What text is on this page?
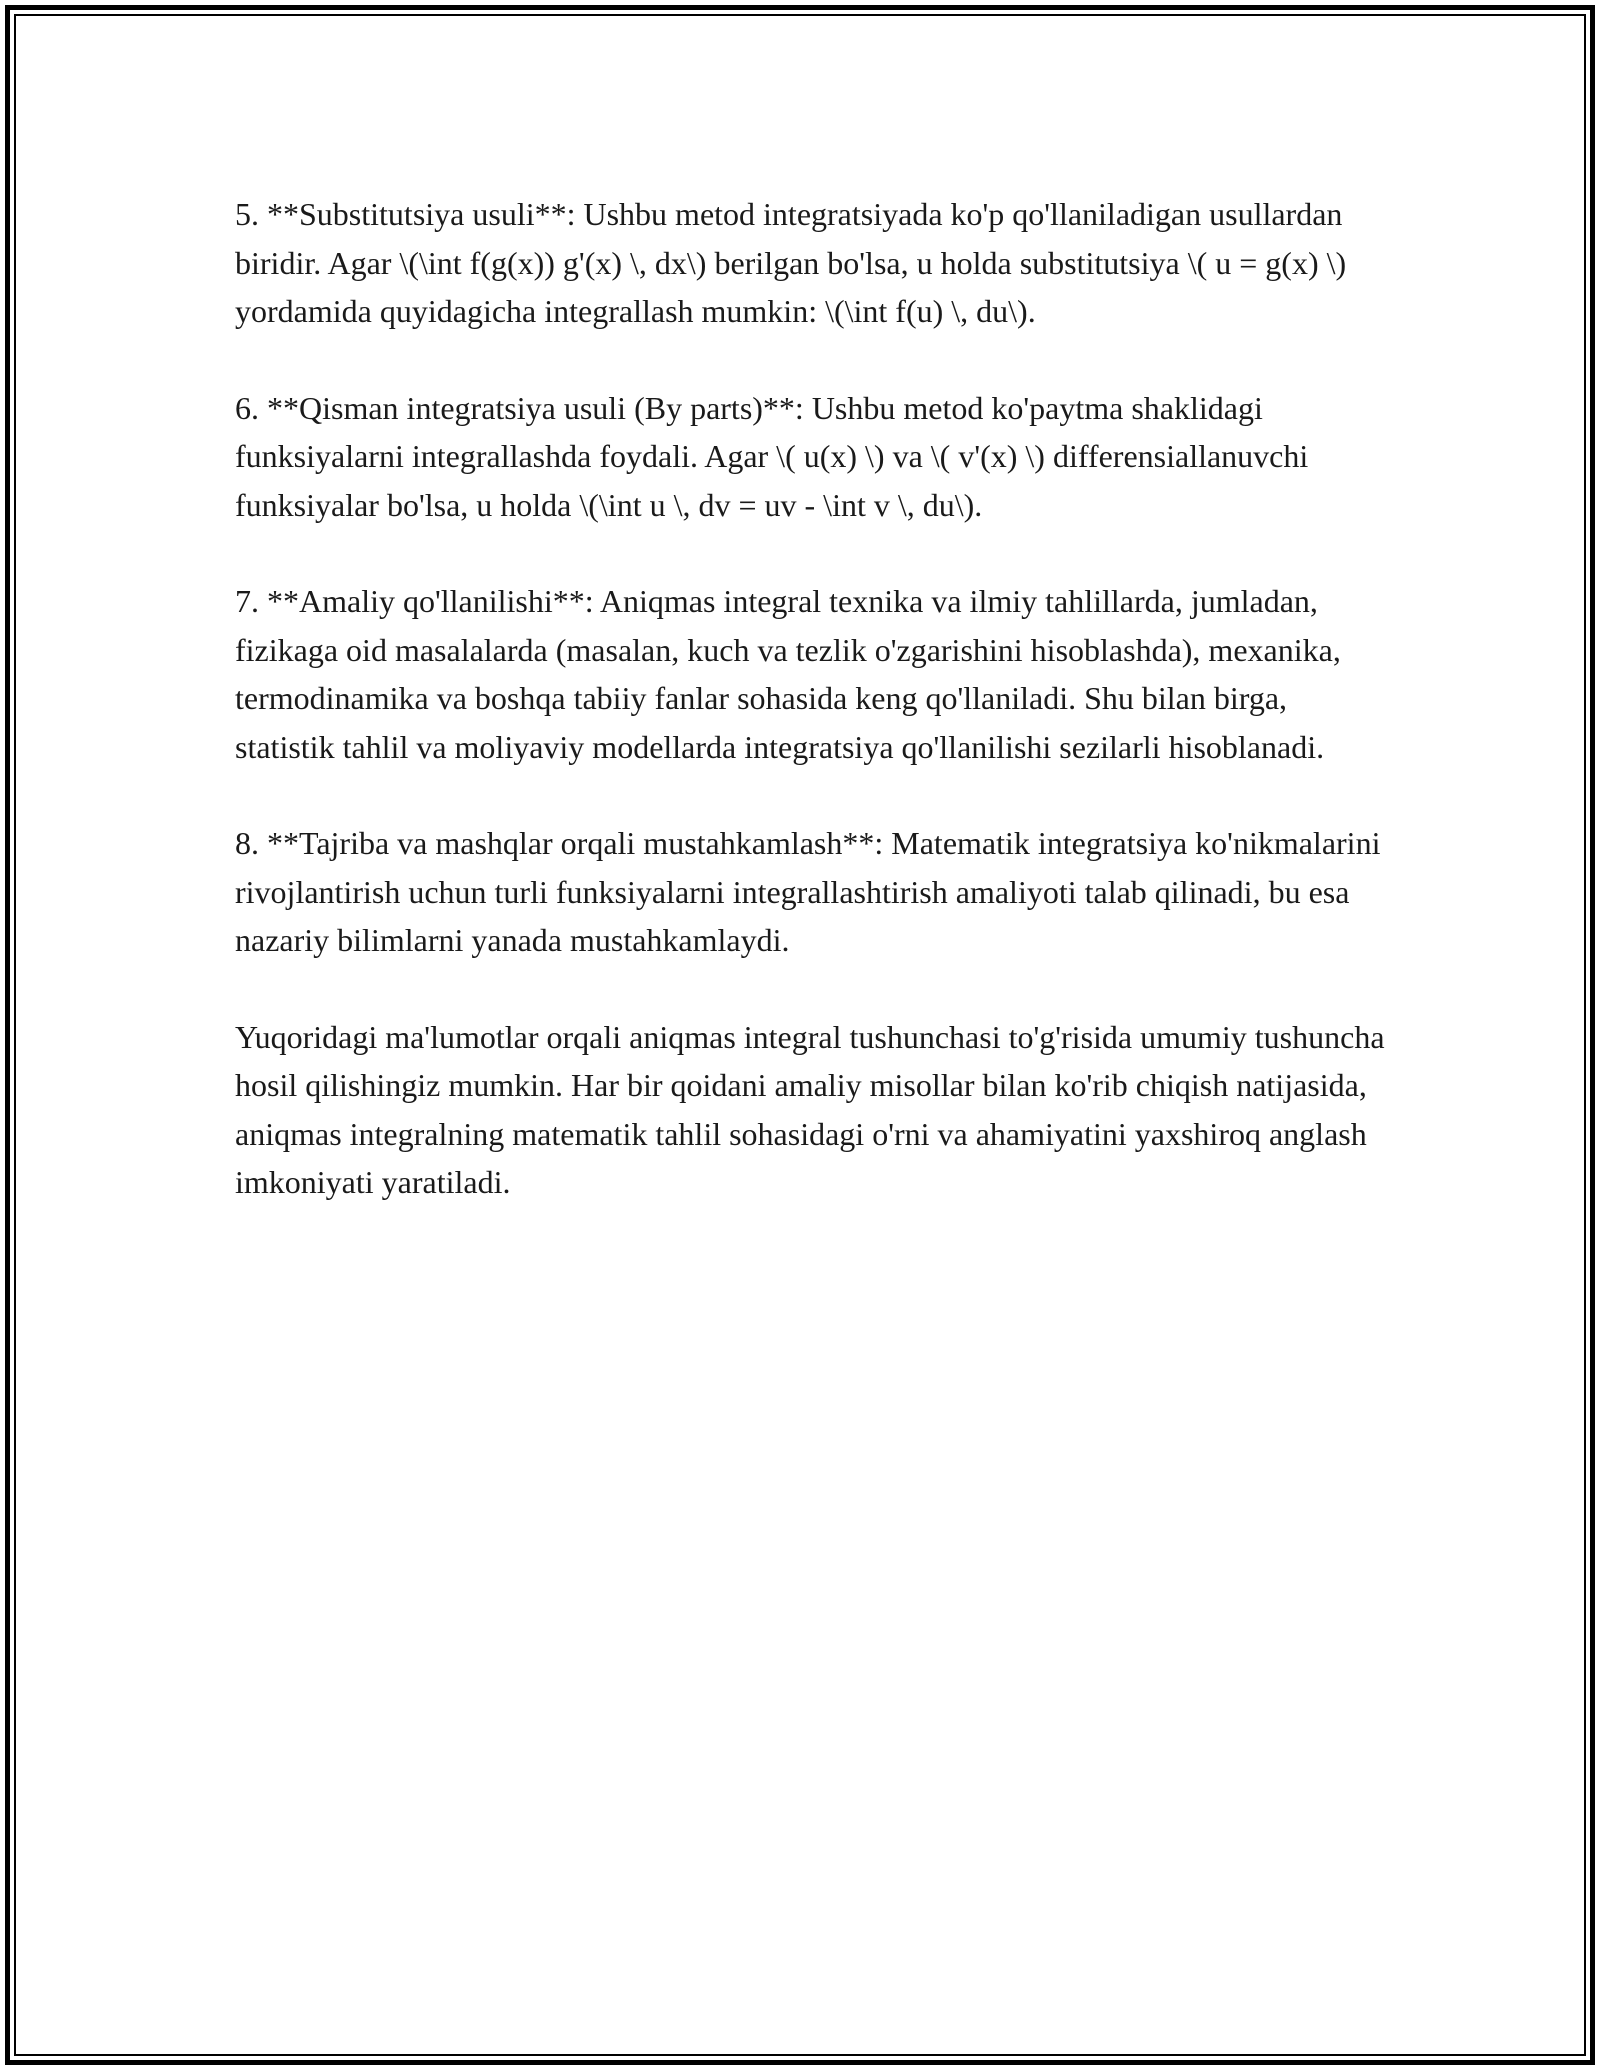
5. **Substitutsiya usuli**: Ushbu metod integratsiyada ko'p qo'llaniladigan usullardan biridir. Agar \(\int f(g(x)) g'(x) \, dx\) berilgan bo'lsa, u holda substitutsiya \( u = g(x) \) yordamida quyidagicha integrallash mumkin: \(\int f(u) \, du\).

6. **Qisman integratsiya usuli (By parts)**: Ushbu metod ko'paytma shaklidagi funksiyalarni integrallashda foydali. Agar \( u(x) \) va \( v'(x) \) differensiallanuvchi funksiyalar bo'lsa, u holda \(\int u \, dv = uv - \int v \, du\).

7. **Amaliy qo'llanilishi**: Aniqmas integral texnika va ilmiy tahlillarda, jumladan, fizikaga oid masalalarda (masalan, kuch va tezlik o'zgarishini hisoblashda), mexanika, termodinamika va boshqa tabiiy fanlar sohasida keng qo'llaniladi. Shu bilan birga, statistik tahlil va moliyaviy modellarda integratsiya qo'llanilishi sezilarli hisoblanadi.

8. **Tajriba va mashqlar orqali mustahkamlash**: Matematik integratsiya ko'nikmalarini rivojlantirish uchun turli funksiyalarni integrallashtirish amaliyoti talab qilinadi, bu esa nazariy bilimlarni yanada mustahkamlaydi.

Yuqoridagi ma'lumotlar orqali aniqmas integral tushunchasi to'g'risida umumiy tushuncha hosil qilishingiz mumkin. Har bir qoidani amaliy misollar bilan ko'rib chiqish natijasida, aniqmas integralning matematik tahlil sohasidagi o'rni va ahamiyatini yaxshiroq anglash imkoniyati yaratiladi.
